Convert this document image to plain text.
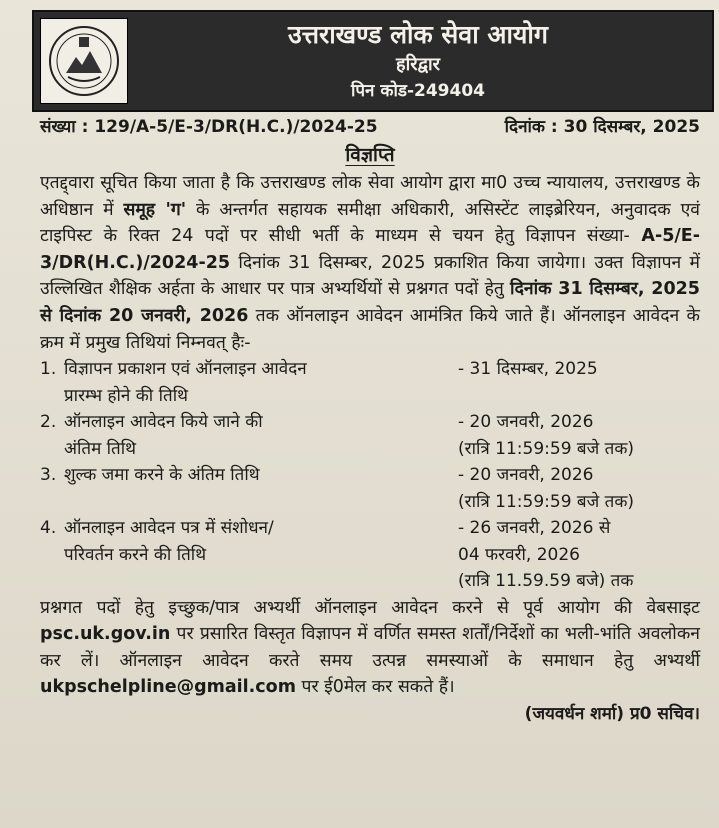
उत्तराखण्ड लोक सेवा आयोग
हरिद्वार
पिन कोड-249404
संख्या : 129/A-5/E-3/DR(H.C.)/2024-25	दिनांक : 30 दिसम्बर, 2025
विज्ञप्ति

एतद्द्वारा सूचित किया जाता है कि उत्तराखण्ड लोक सेवा आयोग द्वारा मा0 उच्च न्यायालय, उत्तराखण्ड के अधिष्ठान में समूह 'ग' के अन्तर्गत सहायक समीक्षा अधिकारी, असिस्टेंट लाइब्रेरियन, अनुवादक एवं टाइपिस्ट के रिक्त 24 पदों पर सीधी भर्ती के माध्यम से चयन हेतु विज्ञापन संख्या- A-5/E-3/DR(H.C.)/2024-25 दिनांक 31 दिसम्बर, 2025 प्रकाशित किया जायेगा। उक्त विज्ञापन में उल्लिखित शैक्षिक अर्हता के आधार पर पात्र अभ्यर्थियों से प्रश्नगत पदों हेतु दिनांक 31 दिसम्बर, 2025 से दिनांक 20 जनवरी, 2026 तक ऑनलाइन आवेदन आमंत्रित किये जाते हैं। ऑनलाइन आवेदन के क्रम में प्रमुख तिथियां निम्नवत् हैः-

1. विज्ञापन प्रकाशन एवं ऑनलाइन आवेदन
प्रारम्भ होने की तिथि
- 31 दिसम्बर, 2025
2. ऑनलाइन आवेदन किये जाने की
अंतिम तिथि
- 20 जनवरी, 2026
(रात्रि 11:59:59 बजे तक)
3. शुल्क जमा करने के अंतिम तिथि	- 20 जनवरी, 2026
(रात्रि 11:59:59 बजे तक)
4. ऑनलाइन आवेदन पत्र में संशोधन/
परिवर्तन करने की तिथि
- 26 जनवरी, 2026 से
04 फरवरी, 2026
(रात्रि 11.59.59 बजे) तक

प्रश्नगत पदों हेतु इच्छुक/पात्र अभ्यर्थी ऑनलाइन आवेदन करने से पूर्व आयोग की वेबसाइट psc.uk.gov.in पर प्रसारित विस्तृत विज्ञापन में वर्णित समस्त शर्तों/निर्देशों का भली-भांति अवलोकन कर लें। ऑनलाइन आवेदन करते समय उत्पन्न समस्याओं के समाधान हेतु अभ्यर्थी ukpschelpline@gmail.com पर ई0मेल कर सकते हैं।

(जयवर्धन शर्मा) प्र0 सचिव।
